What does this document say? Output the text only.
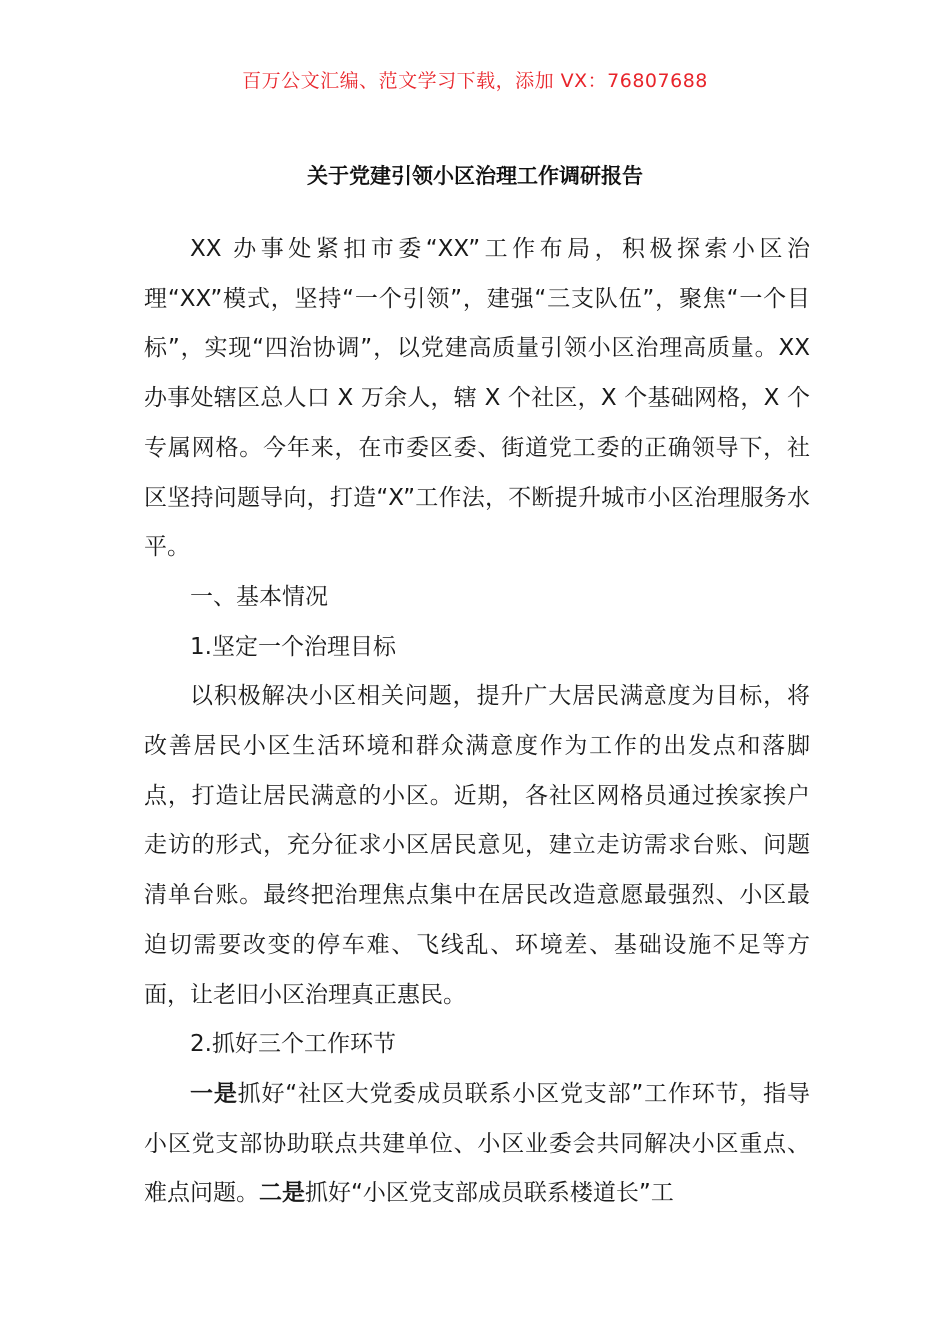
百万公文汇编、范文学习下载，添加 VX：76807688
关于党建引领小区治理工作调研报告

XX 办事处紧扣市委“XX”工作布局，积极探索小区治理“XX”模式，坚持“一个引领”，建强“三支队伍”，聚焦“一个目标”，实现“四治协调”，以党建高质量引领小区治理高质量。XX 办事处辖区总人口 X 万余人，辖 X 个社区，X 个基础网格，X 个专属网格。今年来，在市委区委、街道党工委的正确领导下，社区坚持问题导向，打造“X”工作法，不断提升城市小区治理服务水平。

一、基本情况

1.坚定一个治理目标

以积极解决小区相关问题，提升广大居民满意度为目标，将改善居民小区生活环境和群众满意度作为工作的出发点和落脚点，打造让居民满意的小区。近期，各社区网格员通过挨家挨户走访的形式，充分征求小区居民意见，建立走访需求台账、问题清单台账。最终把治理焦点集中在居民改造意愿最强烈、小区最迫切需要改变的停车难、飞线乱、环境差、基础设施不足等方面，让老旧小区治理真正惠民。

2.抓好三个工作环节

一是抓好“社区大党委成员联系小区党支部”工作环节，指导小区党支部协助联点共建单位、小区业委会共同解决小区重点、难点问题。二是抓好“小区党支部成员联系楼道长”工
